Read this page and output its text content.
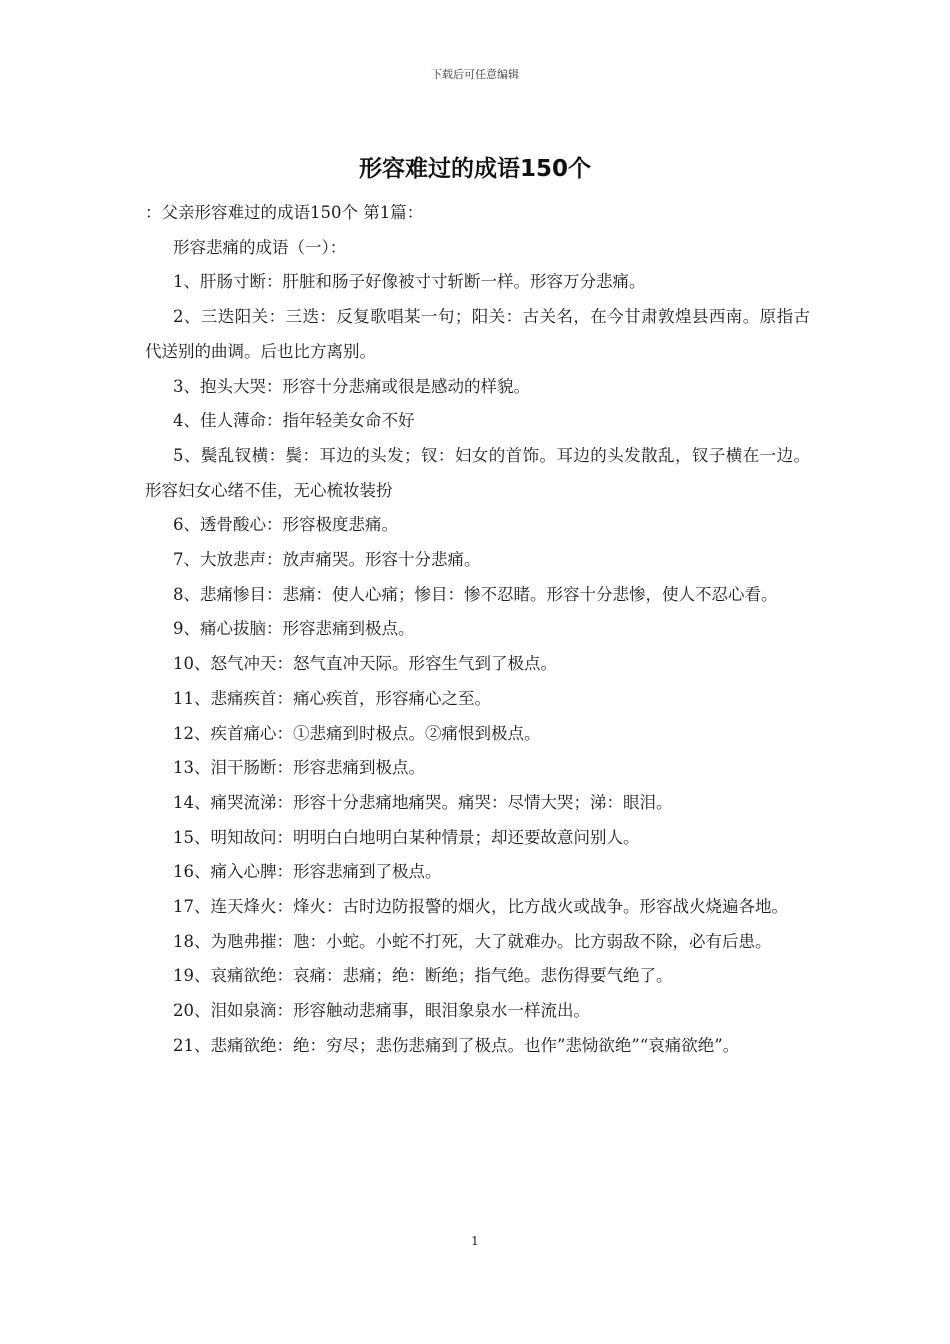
下载后可任意编辑
形容难过的成语150个

：父亲形容难过的成语150个 第1篇：

形容悲痛的成语（一）：

1、肝肠寸断：肝脏和肠子好像被寸寸斩断一样。形容万分悲痛。

2、三迭阳关：三迭：反复歌唱某一句；阳关：古关名，在今甘肃敦煌县西南。原指古代送别的曲调。后也比方离别。

3、抱头大哭：形容十分悲痛或很是感动的样貌。

4、佳人薄命：指年轻美女命不好

5、鬓乱钗横：鬓：耳边的头发；钗：妇女的首饰。耳边的头发散乱，钗子横在一边。形容妇女心绪不佳，无心梳妆装扮

6、透骨酸心：形容极度悲痛。

7、大放悲声：放声痛哭。形容十分悲痛。

8、悲痛惨目：悲痛：使人心痛；惨目：惨不忍睹。形容十分悲惨，使人不忍心看。

9、痛心拔脑：形容悲痛到极点。

10、怒气冲天：怒气直冲天际。形容生气到了极点。

11、悲痛疾首：痛心疾首，形容痛心之至。

12、疾首痛心：①悲痛到时极点。②痛恨到极点。

13、泪干肠断：形容悲痛到极点。

14、痛哭流涕：形容十分悲痛地痛哭。痛哭：尽情大哭；涕：眼泪。

15、明知故问：明明白白地明白某种情景；却还要故意问别人。

16、痛入心脾：形容悲痛到了极点。

17、连天烽火：烽火：古时边防报警的烟火，比方战火或战争。形容战火烧遍各地。

18、为虺弗摧：虺：小蛇。小蛇不打死，大了就难办。比方弱敌不除，必有后患。

19、哀痛欲绝：哀痛：悲痛；绝：断绝；指气绝。悲伤得要气绝了。

20、泪如泉滴：形容触动悲痛事，眼泪象泉水一样流出。

21、悲痛欲绝：绝：穷尽；悲伤悲痛到了极点。也作”悲恸欲绝”“哀痛欲绝”。

1
